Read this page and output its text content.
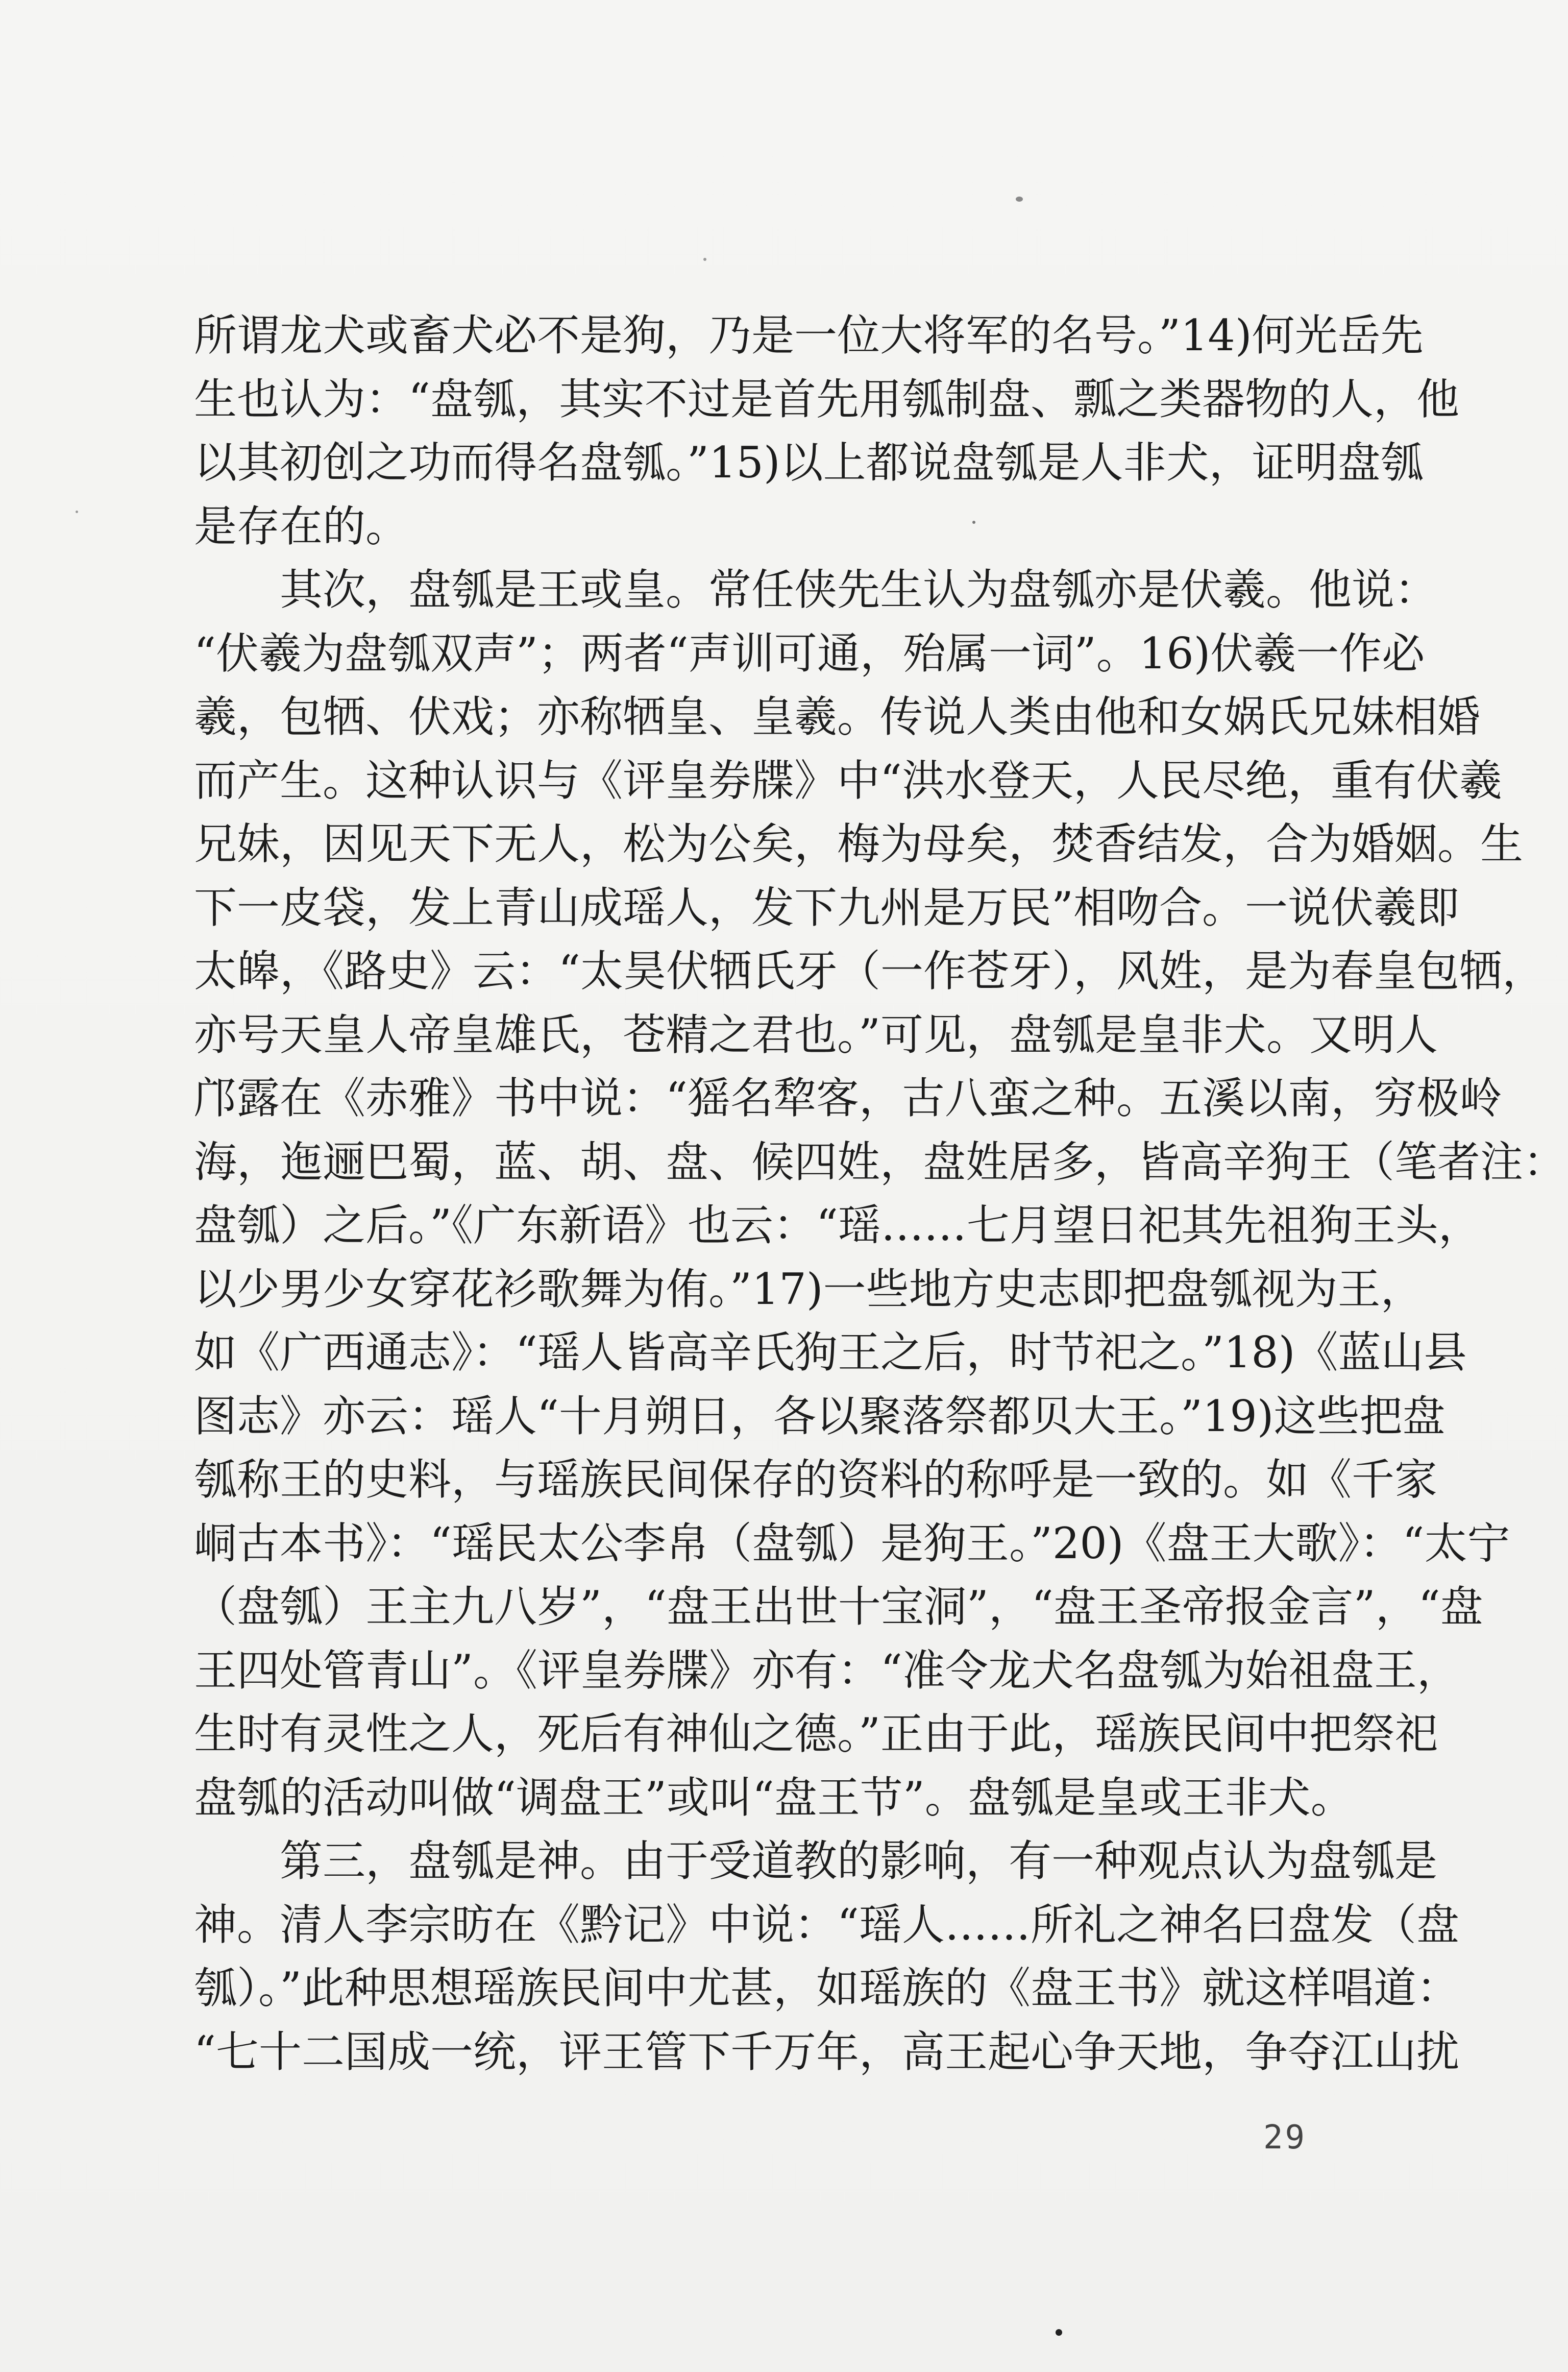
所谓龙犬或畜犬必不是狗，乃是一位大将军的名号。”14)何光岳先
生也认为：“盘瓠，其实不过是首先用瓠制盘、瓢之类器物的人，他
以其初创之功而得名盘瓠。”15)以上都说盘瓠是人非犬，证明盘瓠
是存在的。
其次，盘瓠是王或皇。常任侠先生认为盘瓠亦是伏羲。他说：
“伏羲为盘瓠双声”；两者“声训可通，殆属一词”。16)伏羲一作必
羲，包牺、伏戏；亦称牺皇、皇羲。传说人类由他和女娲氏兄妹相婚
而产生。这种认识与《评皇券牒》中“洪水登天，人民尽绝，重有伏羲
兄妹，因见天下无人，松为公矣，梅为母矣，焚香结发，合为婚姻。生
下一皮袋，发上青山成瑶人，发下九州是万民”相吻合。一说伏羲即
太皞，《路史》云：“太昊伏牺氏牙（一作苍牙），风姓，是为春皇包牺，
亦号天皇人帝皇雄氏，苍精之君也。”可见，盘瓠是皇非犬。又明人
邝露在《赤雅》书中说：“猺名犂客，古八蛮之种。五溪以南，穷极岭
海，迤逦巴蜀，蓝、胡、盘、候四姓，盘姓居多，皆高辛狗王（笔者注：
盘瓠）之后。”《广东新语》也云：“瑶……七月望日祀其先祖狗王头，
以少男少女穿花衫歌舞为侑。”17)一些地方史志即把盘瓠视为王，
如《广西通志》：“瑶人皆高辛氏狗王之后，时节祀之。”18)《蓝山县
图志》亦云：瑶人“十月朔日，各以聚落祭都贝大王。”19)这些把盘
瓠称王的史料，与瑶族民间保存的资料的称呼是一致的。如《千家
峒古本书》：“瑶民太公李帛（盘瓠）是狗王。”20)《盘王大歌》：“太宁
（盘瓠）王主九八岁”，“盘王出世十宝洞”，“盘王圣帝报金言”，“盘
王四处管青山”。《评皇券牒》亦有：“准令龙犬名盘瓠为始祖盘王，
生时有灵性之人，死后有神仙之德。”正由于此，瑶族民间中把祭祀
盘瓠的活动叫做“调盘王”或叫“盘王节”。盘瓠是皇或王非犬。
第三，盘瓠是神。由于受道教的影响，有一种观点认为盘瓠是
神。清人李宗昉在《黔记》中说：“瑶人……所礼之神名曰盘发（盘
瓠）。”此种思想瑶族民间中尤甚，如瑶族的《盘王书》就这样唱道：
“七十二国成一统，评王管下千万年，高王起心争天地，争夺江山扰
29
